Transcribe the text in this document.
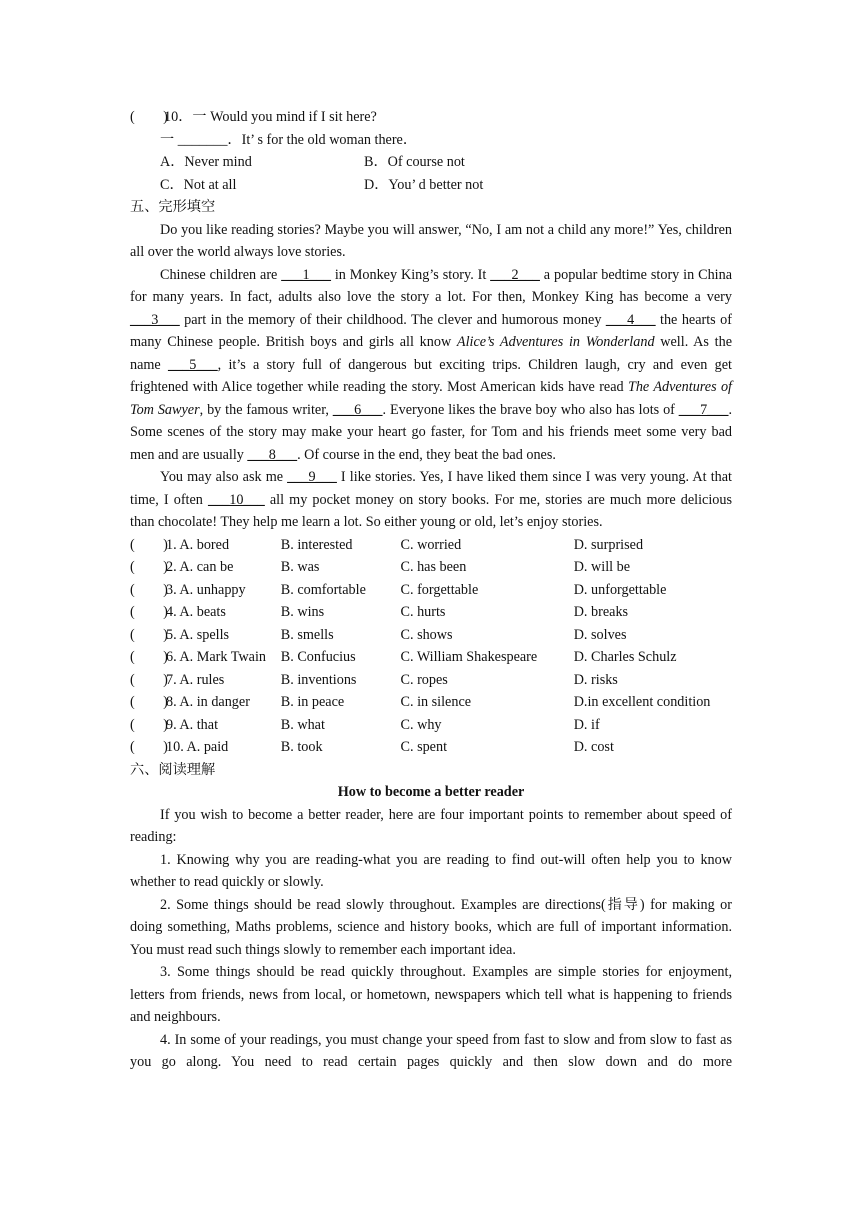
(        )10．一 Would you mind if I sit here?
一 _______．It’ s for the old woman there．
A．Never mind	B．Of course not
C．Not at all	D．You’ d better not
五、完形填空
Do you like reading stories? Maybe you will answer, “No, I am not a child any more!” Yes, children all over the world always love stories.
Chinese children are ___1___ in Monkey King’s story. It ___2___ a popular bedtime story in China for many years. In fact, adults also love the story a lot. For then, Monkey King has become a very ___3___ part in the memory of their childhood. The clever and humorous money ___4___ the hearts of many Chinese people. British boys and girls all know Alice’s Adventures in Wonderland well. As the name ___5___, it’s a story full of dangerous but exciting trips. Children laugh, cry and even get frightened with Alice together while reading the story. Most American kids have read The Adventures of Tom Sawyer, by the famous writer, ___6___. Everyone likes the brave boy who also has lots of ___7___. Some scenes of the story may make your heart go faster, for Tom and his friends meet some very bad men and are usually ___8___. Of course in the end, they beat the bad ones.
You may also ask me ___9___ I like stories. Yes, I have liked them since I was very young. At that time, I often ___10___ all my pocket money on story books. For me, stories are much more delicious than chocolate! They help me learn a lot. So either young or old, let’s enjoy stories.
(        )
1. A. bored	B. interested	C. worried	D. surprised
(        )
2. A. can be	B. was	C. has been	D. will be
(        )
3. A. unhappy	B. comfortable	C. forgettable	D. unforgettable
(        )
4. A. beats	B. wins	C. hurts	D. breaks
(        )
5. A. spells	B. smells	C. shows	D. solves
(        )
6. A. Mark Twain	B. Confucius	C. William Shakespeare	D. Charles Schulz
(        )
7. A. rules	B. inventions	C. ropes	D. risks
(        )
8. A. in danger	B. in peace	C. in silence	D.in excellent condition
(        )
9. A. that	B. what	C. why	D. if
(        )
10. A. paid	B. took	C. spent	D. cost
六、阅读理解
How to become a better reader
If you wish to become a better reader, here are four important points to remember about speed of reading:
1. Knowing why you are reading-what you are reading to find out-will often help you to know whether to read quickly or slowly.
2. Some things should be read slowly throughout. Examples are directions(指导) for making or doing something, Maths problems, science and history books, which are full of important information. You must read such things slowly to remember each important idea.
3. Some things should be read quickly throughout. Examples are simple stories for enjoyment, letters from friends, news from local, or hometown, newspapers which tell what is happening to friends and neighbours.
4. In some of your readings, you must change your speed from fast to slow and from slow to fast as you go along. You need to read certain pages quickly and then slow down and do more
